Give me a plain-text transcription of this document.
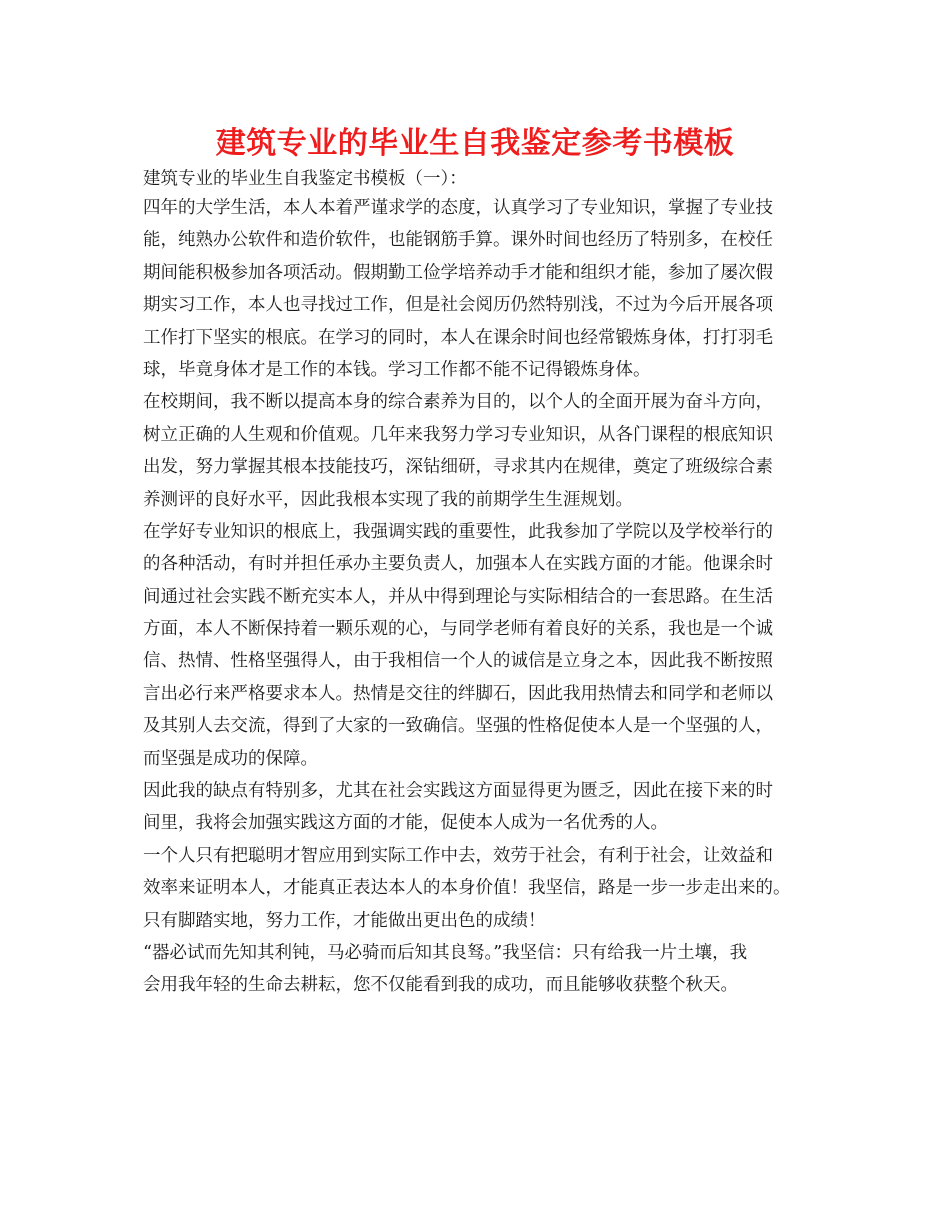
建筑专业的毕业生自我鉴定参考书模板
建筑专业的毕业生自我鉴定书模板（一）：
四年的大学生活，本人本着严谨求学的态度，认真学习了专业知识，掌握了专业技
能，纯熟办公软件和造价软件，也能钢筋手算。课外时间也经历了特别多，在校任
期间能积极参加各项活动。假期勤工俭学培养动手才能和组织才能，参加了屡次假
期实习工作，本人也寻找过工作，但是社会阅历仍然特别浅，不过为今后开展各项
工作打下坚实的根底。在学习的同时，本人在课余时间也经常锻炼身体，打打羽毛
球，毕竟身体才是工作的本钱。学习工作都不能不记得锻炼身体。
在校期间，我不断以提高本身的综合素养为目的，以个人的全面开展为奋斗方向，
树立正确的人生观和价值观。几年来我努力学习专业知识，从各门课程的根底知识
出发，努力掌握其根本技能技巧，深钻细研，寻求其内在规律，奠定了班级综合素
养测评的良好水平，因此我根本实现了我的前期学生生涯规划。
在学好专业知识的根底上，我强调实践的重要性，此我参加了学院以及学校举行的
的各种活动，有时并担任承办主要负责人，加强本人在实践方面的才能。他课余时
间通过社会实践不断充实本人，并从中得到理论与实际相结合的一套思路。在生活
方面，本人不断保持着一颗乐观的心，与同学老师有着良好的关系，我也是一个诚
信、热情、性格坚强得人，由于我相信一个人的诚信是立身之本，因此我不断按照
言出必行来严格要求本人。热情是交往的绊脚石，因此我用热情去和同学和老师以
及其别人去交流，得到了大家的一致确信。坚强的性格促使本人是一个坚强的人，
而坚强是成功的保障。
因此我的缺点有特别多，尤其在社会实践这方面显得更为匮乏，因此在接下来的时
间里，我将会加强实践这方面的才能，促使本人成为一名优秀的人。
一个人只有把聪明才智应用到实际工作中去，效劳于社会，有利于社会，让效益和
效率来证明本人，才能真正表达本人的本身价值！我坚信，路是一步一步走出来的。
只有脚踏实地，努力工作，才能做出更出色的成绩！
“器必试而先知其利钝，马必骑而后知其良驽。”我坚信：只有给我一片土壤，我
会用我年轻的生命去耕耘，您不仅能看到我的成功，而且能够收获整个秋天。
